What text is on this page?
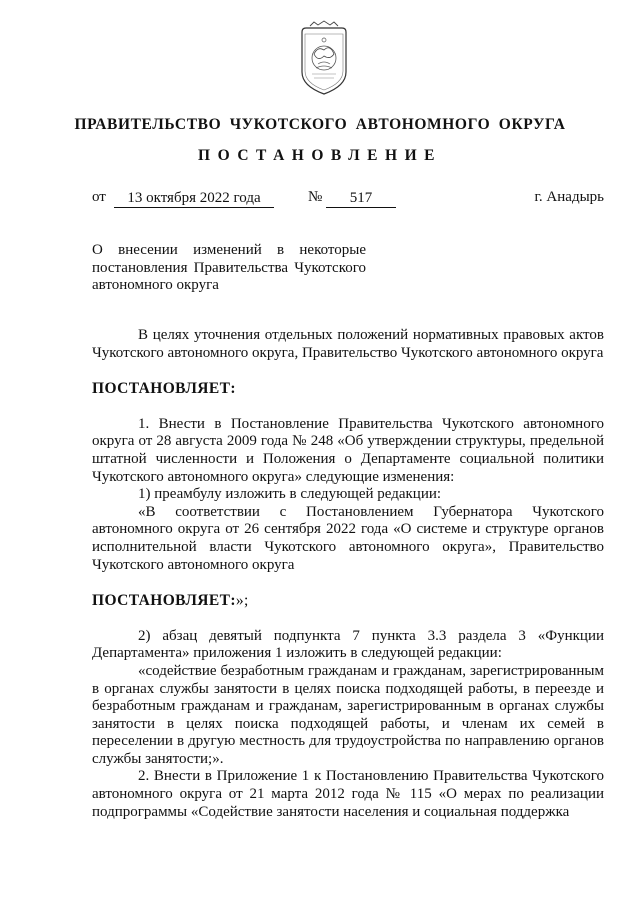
ПРАВИТЕЛЬСТВО ЧУКОТСКОГО АВТОНОМНОГО ОКРУГА
ПОСТАНОВЛЕНИЕ
от	13 октября 2022 года	№	517	г. Анадырь

О внесении изменений в некоторые постановления Правительства Чукотского автономного округа

В целях уточнения отдельных положений нормативных правовых актов Чукотского автономного округа, Правительство Чукотского автономного округа

ПОСТАНОВЛЯЕТ:

1. Внести в Постановление Правительства Чукотского автономного округа от 28 августа 2009 года № 248 «Об утверждении структуры, предельной штатной численности и Положения о Департаменте социальной политики Чукотского автономного округа» следующие изменения:

1) преамбулу изложить в следующей редакции:

«В соответствии с Постановлением Губернатора Чукотского автономного округа от 26 сентября 2022 года «О системе и структуре органов исполнительной власти Чукотского автономного округа», Правительство Чукотского автономного округа

ПОСТАНОВЛЯЕТ:»;

2) абзац девятый подпункта 7 пункта 3.3 раздела 3 «Функции Департамента» приложения 1 изложить в следующей редакции:

«содействие безработным гражданам и гражданам, зарегистрированным в органах службы занятости в целях поиска подходящей работы, в переезде и безработным гражданам и гражданам, зарегистрированным в органах службы занятости в целях поиска подходящей работы, и членам их семей в переселении в другую местность для трудоустройства по направлению органов службы занятости;».

2. Внести в Приложение 1 к Постановлению Правительства Чукотского автономного округа от 21 марта 2012 года № 115 «О мерах по реализации подпрограммы «Содействие занятости населения и социальная поддержка
